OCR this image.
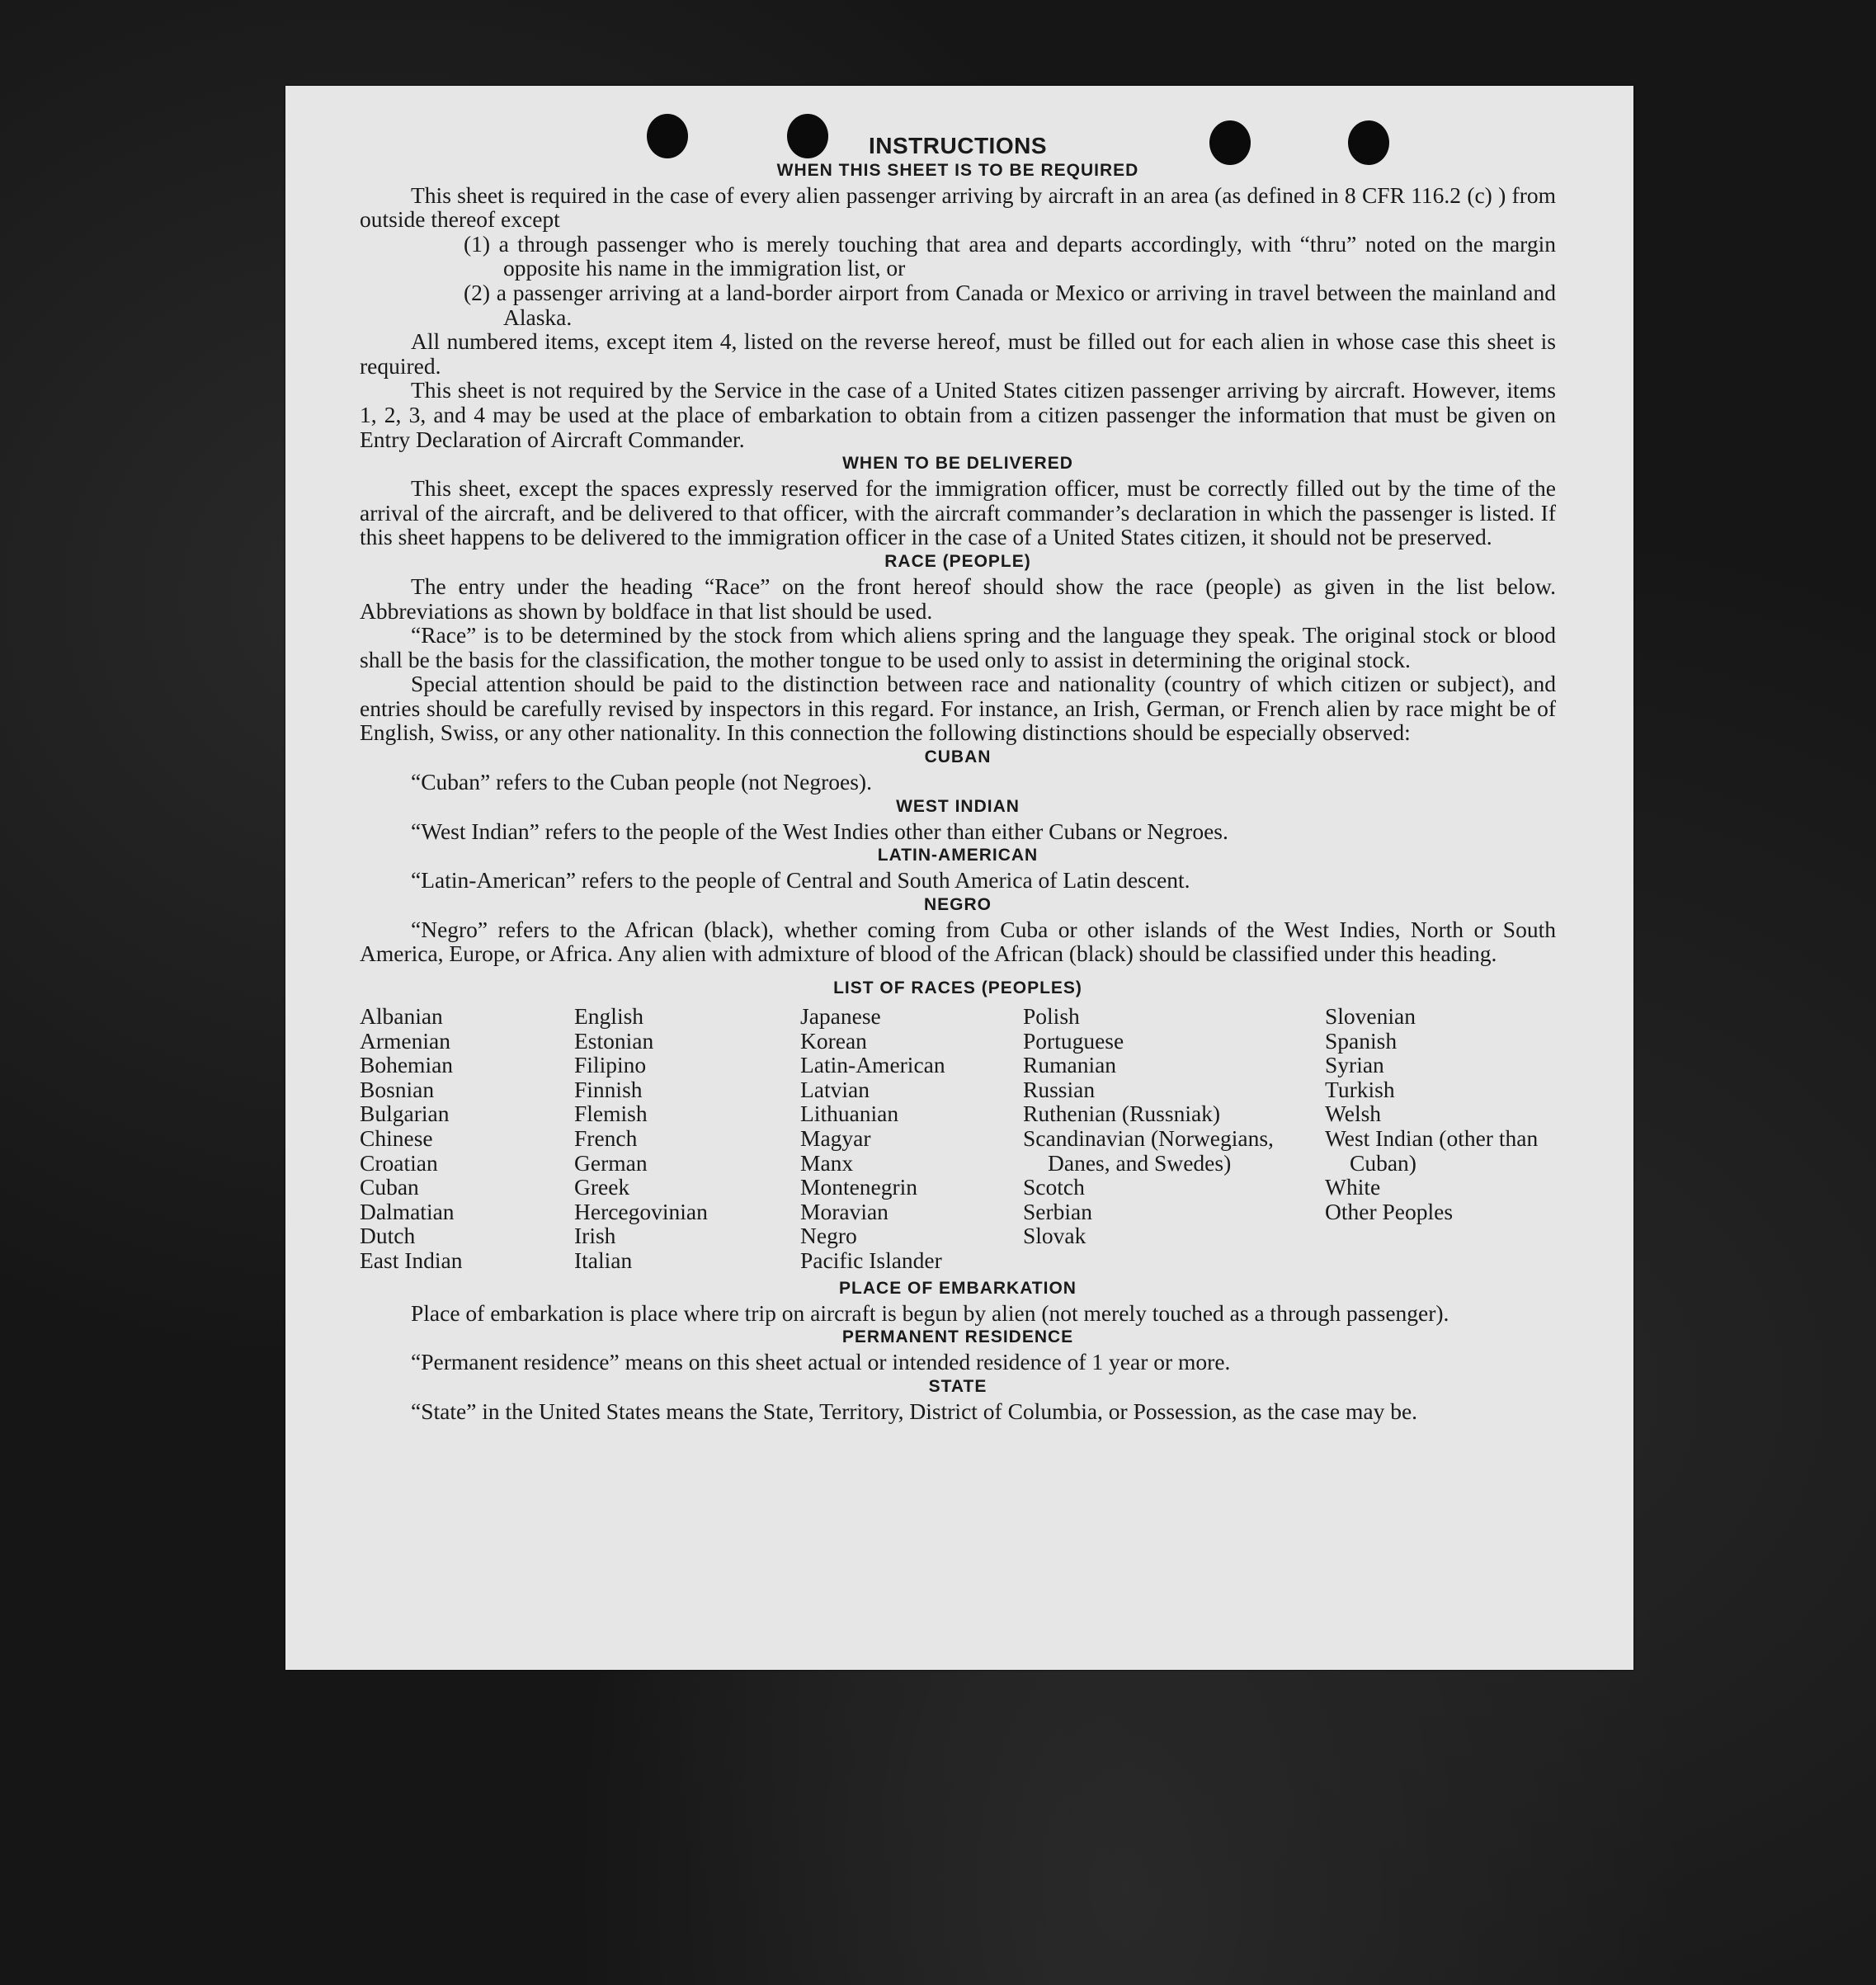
INSTRUCTIONS
WHEN THIS SHEET IS TO BE REQUIRED

This sheet is required in the case of every alien passenger arriving by aircraft in an area (as defined in 8 CFR 116.2 (c) ) from outside thereof except

(1) a through passenger who is merely touching that area and departs accordingly, with “thru” noted on the margin opposite his name in the immigration list, or

(2) a passenger arriving at a land-border airport from Canada or Mexico or arriving in travel between the mainland and Alaska.

All numbered items, except item 4, listed on the reverse hereof, must be filled out for each alien in whose case this sheet is required.

This sheet is not required by the Service in the case of a United States citizen passenger arriving by aircraft. However, items 1, 2, 3, and 4 may be used at the place of embarkation to obtain from a citizen passenger the information that must be given on Entry Declaration of Aircraft Commander.

WHEN TO BE DELIVERED

This sheet, except the spaces expressly reserved for the immigration officer, must be correctly filled out by the time of the arrival of the aircraft, and be delivered to that officer, with the aircraft commander’s declaration in which the passenger is listed. If this sheet happens to be delivered to the immigration officer in the case of a United States citizen, it should not be preserved.

RACE (PEOPLE)

The entry under the heading “Race” on the front hereof should show the race (people) as given in the list below. Abbreviations as shown by boldface in that list should be used.

“Race” is to be determined by the stock from which aliens spring and the language they speak. The original stock or blood shall be the basis for the classification, the mother tongue to be used only to assist in determining the original stock.

Special attention should be paid to the distinction between race and nationality (country of which citizen or subject), and entries should be carefully revised by inspectors in this regard. For instance, an Irish, German, or French alien by race might be of English, Swiss, or any other nationality. In this connection the following distinctions should be especially observed:

CUBAN

“Cuban” refers to the Cuban people (not Negroes).

WEST INDIAN

“West Indian” refers to the people of the West Indies other than either Cubans or Negroes.

LATIN-AMERICAN

“Latin-American” refers to the people of Central and South America of Latin descent.

NEGRO

“Negro” refers to the African (black), whether coming from Cuba or other islands of the West Indies, North or South America, Europe, or Africa. Any alien with admixture of blood of the African (black) should be classified under this heading.

LIST OF RACES (PEOPLES)
Albanian
Armenian
Bohemian
Bosnian
Bulgarian
Chinese
Croatian
Cuban
Dalmatian
Dutch
East Indian
English
Estonian
Filipino
Finnish
Flemish
French
German
Greek
Hercegovinian
Irish
Italian
Japanese
Korean
Latin-American
Latvian
Lithuanian
Magyar
Manx
Montenegrin
Moravian
Negro
Pacific Islander
Polish
Portuguese
Rumanian
Russian
Ruthenian (Russniak)
Scandinavian (Norwegians, Danes, and Swedes)
Scotch
Serbian
Slovak
Slovenian
Spanish
Syrian
Turkish
Welsh
West Indian (other than Cuban)
White
Other Peoples
PLACE OF EMBARKATION

Place of embarkation is place where trip on aircraft is begun by alien (not merely touched as a through passenger).

PERMANENT RESIDENCE

“Permanent residence” means on this sheet actual or intended residence of 1 year or more.

STATE

“State” in the United States means the State, Territory, District of Columbia, or Possession, as the case may be.
